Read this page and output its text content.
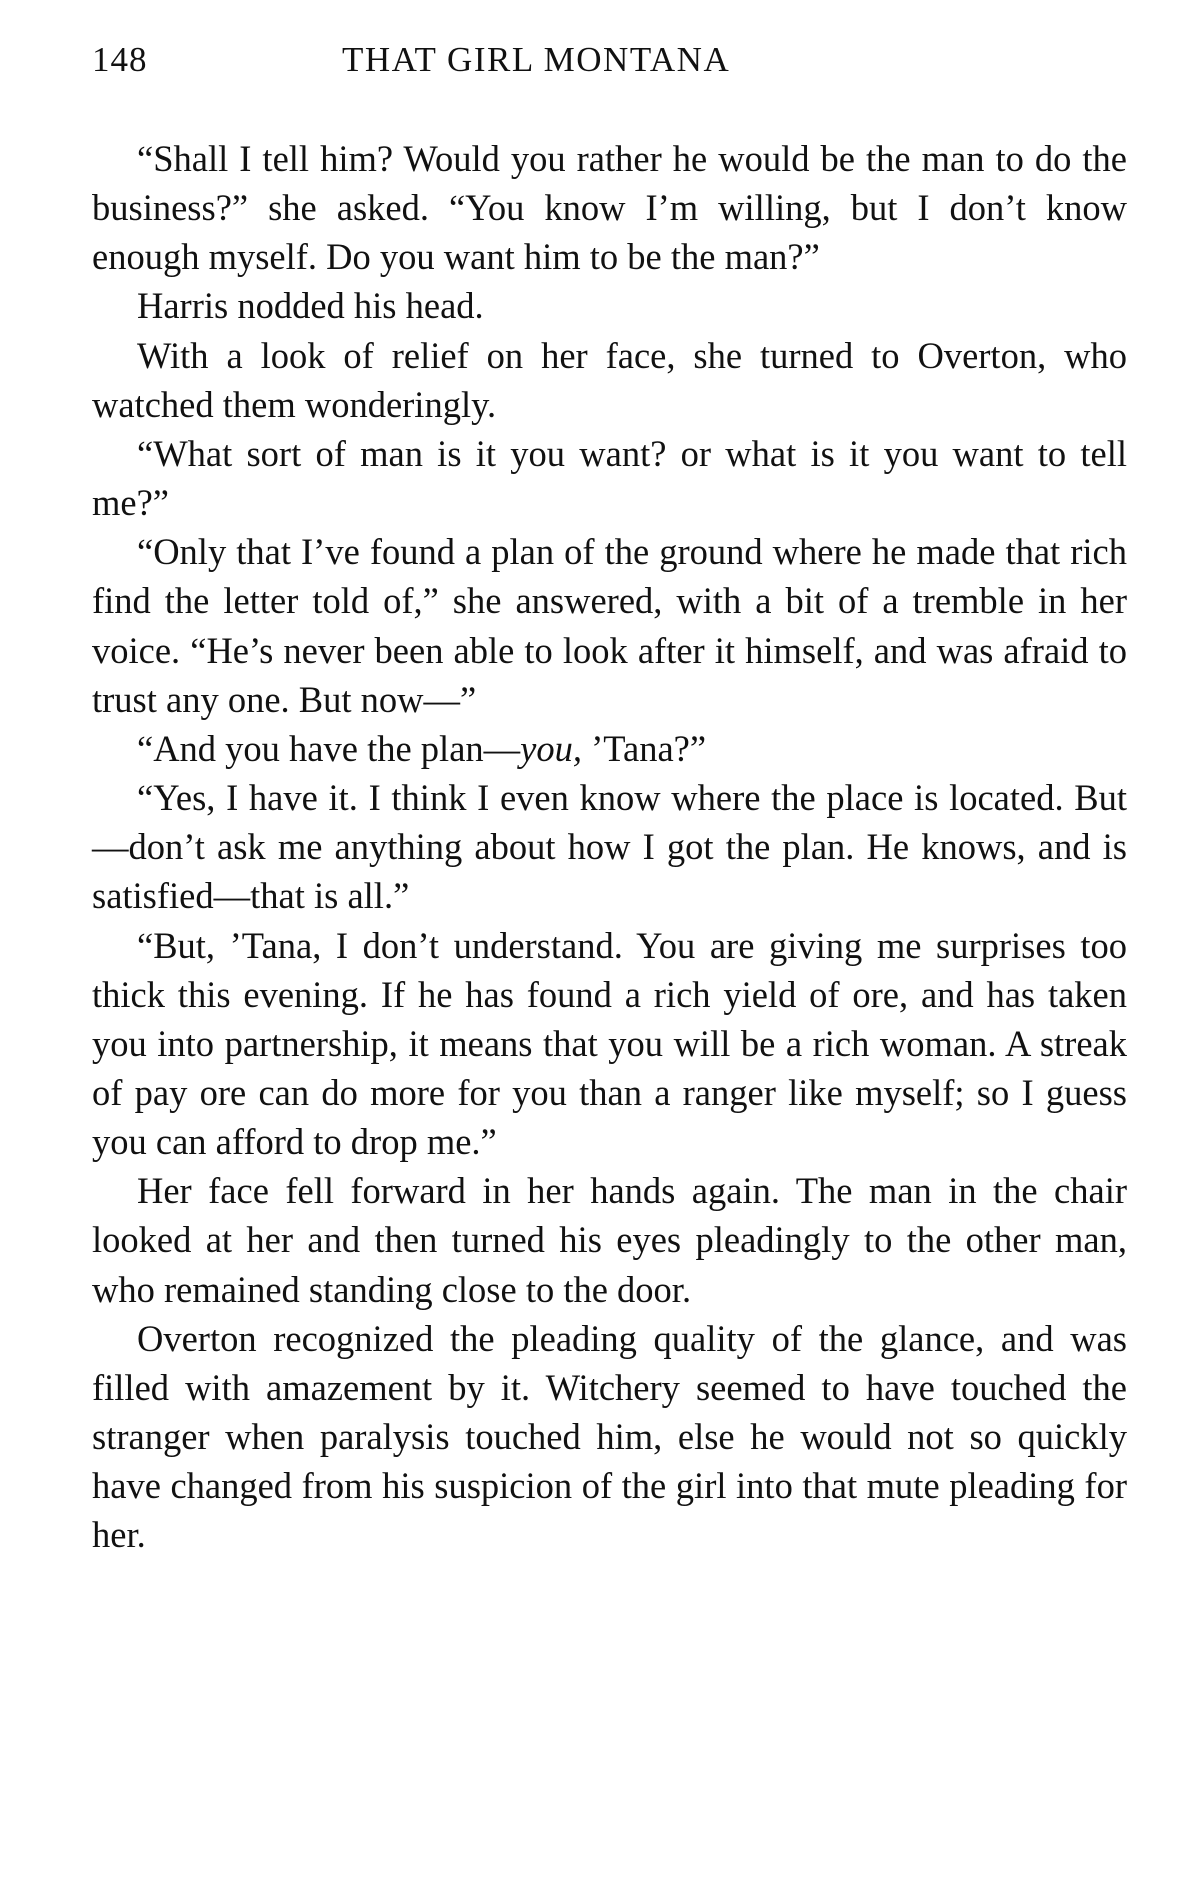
148	THAT GIRL MONTANA

“Shall I tell him? Would you rather he would be the man to do the business?” she asked. “You know I’m willing, but I don’t know enough myself. Do you want him to be the man?”

Harris nodded his head.

With a look of relief on her face, she turned to Overton, who watched them wonderingly.

“What sort of man is it you want? or what is it you want to tell me?”

“Only that I’ve found a plan of the ground where he made that rich find the letter told of,” she answered, with a bit of a tremble in her voice. “He’s never been able to look after it himself, and was afraid to trust any one. But now—”

“And you have the plan—you, ’Tana?”

“Yes, I have it. I think I even know where the place is located. But—don’t ask me anything about how I got the plan. He knows, and is satisfied—that is all.”

“But, ’Tana, I don’t understand. You are giving me surprises too thick this evening. If he has found a rich yield of ore, and has taken you into partnership, it means that you will be a rich woman. A streak of pay ore can do more for you than a ranger like myself; so I guess you can afford to drop me.”

Her face fell forward in her hands again. The man in the chair looked at her and then turned his eyes pleadingly to the other man, who remained standing close to the door.

Overton recognized the pleading quality of the glance, and was filled with amazement by it. Witchery seemed to have touched the stranger when paralysis touched him, else he would not so quickly have changed from his suspicion of the girl into that mute pleading for her.
